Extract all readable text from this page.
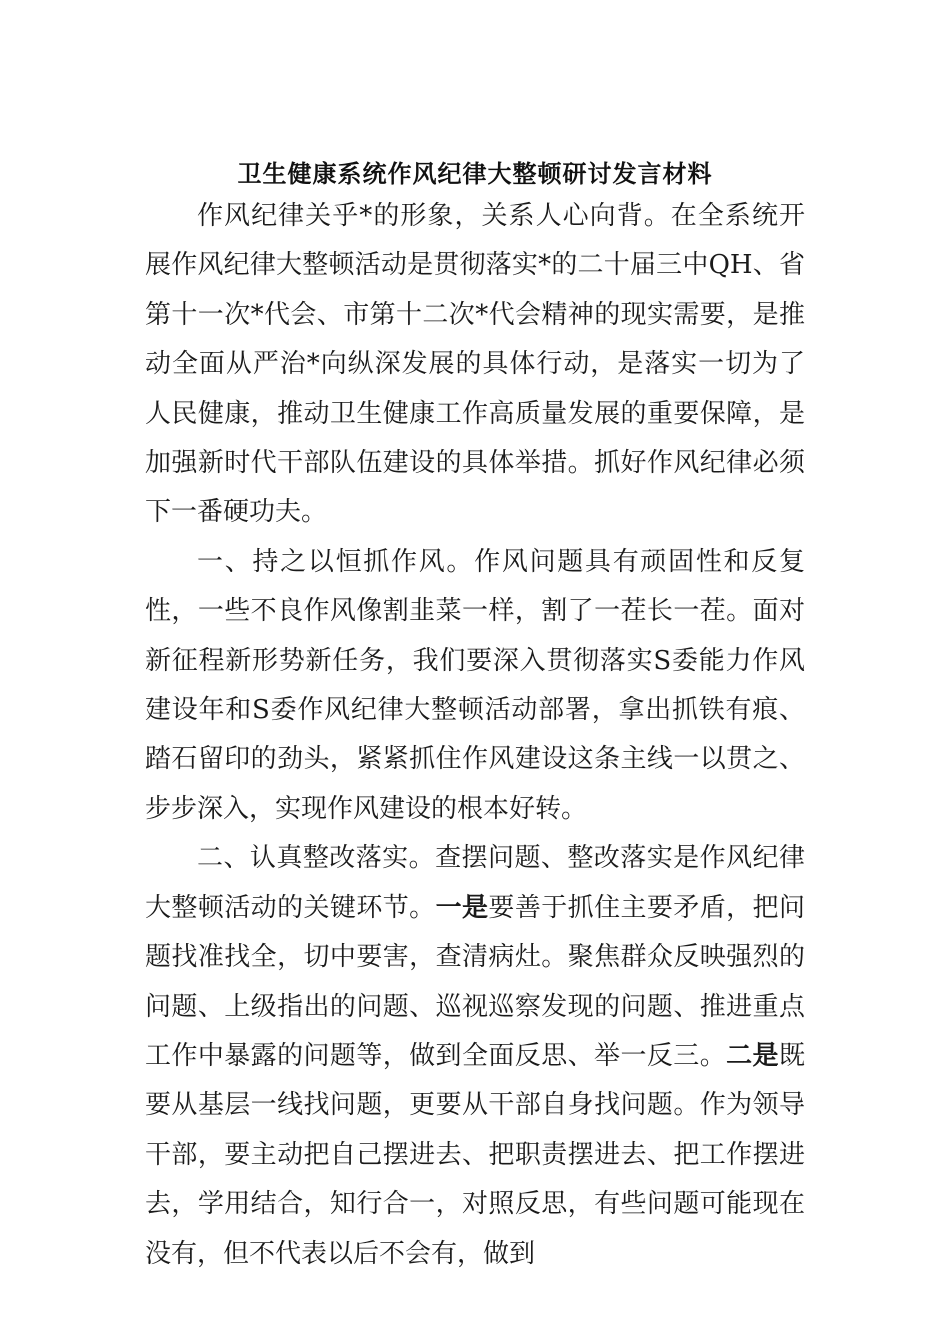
卫生健康系统作风纪律大整顿研讨发言材料

作风纪律关乎*的形象，关系人心向背。在全系统开展作风纪律大整顿活动是贯彻落实*的二十届三中QH、省第十一次*代会、市第十二次*代会精神的现实需要，是推动全面从严治*向纵深发展的具体行动，是落实一切为了人民健康，推动卫生健康工作高质量发展的重要保障，是加强新时代干部队伍建设的具体举措。抓好作风纪律必须下一番硬功夫。

一、持之以恒抓作风。作风问题具有顽固性和反复性，一些不良作风像割韭菜一样，割了一茬长一茬。面对新征程新形势新任务，我们要深入贯彻落实S委能力作风建设年和S委作风纪律大整顿活动部署，拿出抓铁有痕、踏石留印的劲头，紧紧抓住作风建设这条主线一以贯之、步步深入，实现作风建设的根本好转。

二、认真整改落实。查摆问题、整改落实是作风纪律大整顿活动的关键环节。一是要善于抓住主要矛盾，把问题找准找全，切中要害，查清病灶。聚焦群众反映强烈的问题、上级指出的问题、巡视巡察发现的问题、推进重点工作中暴露的问题等，做到全面反思、举一反三。二是既要从基层一线找问题，更要从干部自身找问题。作为领导干部，要主动把自己摆进去、把职责摆进去、把工作摆进去，学用结合，知行合一，对照反思，有些问题可能现在没有，但不代表以后不会有，做到
